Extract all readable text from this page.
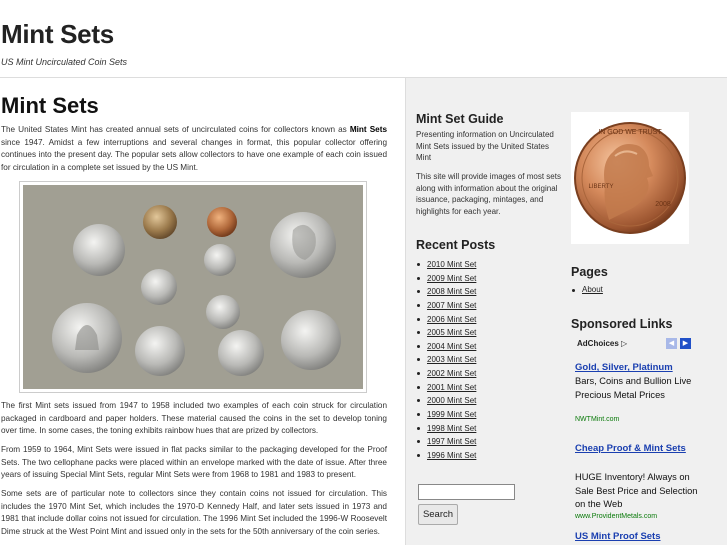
Mint Sets
US Mint Uncirculated Coin Sets
Mint Sets
The United States Mint has created annual sets of uncirculated coins for collectors known as Mint Sets since 1947. Amidst a few interruptions and several changes in format, this popular collector offering continues into the present day. The popular sets allow collectors to have one example of each coin issued for circulation in a complete set issued by the US Mint.
The first Mint sets issued from 1947 to 1958 included two examples of each coin struck for circulation packaged in cardboard and paper holders. These material caused the coins in the set to develop toning over time. In some cases, the toning exhibits rainbow hues that are prized by collectors.
From 1959 to 1964, Mint Sets were issued in flat packs similar to the packaging developed for the Proof Sets. The two cellophane packs were placed within an envelope marked with the date of issue. After three years of issuing Special Mint Sets, regular Mint Sets were from 1968 to 1981 and 1983 to present.
Some sets are of particular note to collectors since they contain coins not issued for circulation. This includes the 1970 Mint Set, which includes the 1970-D Kennedy Half, and later sets issued in 1973 and 1981 that include dollar coins not issued for circulation. The 1996 Mint Set included the 1996-W Roosevelt Dime struck at the West Point Mint and issued only in the sets for the 50th anniversary of the coin series.
Mint Set Guide
Presenting information on Uncirculated Mint Sets issued by the United States Mint
This site will provide images of most sets along with information about the original issuance, packaging, mintages, and highlights for each year.
Recent Posts
2010 Mint Set
2009 Mint Set
2008 Mint Set
2007 Mint Set
2006 Mint Set
2005 Mint Set
2004 Mint Set
2003 Mint Set
2002 Mint Set
2001 Mint Set
2000 Mint Set
1999 Mint Set
1998 Mint Set
1997 Mint Set
1996 Mint Set
Search
IN GOD WE TRUST
LIBERTY
2008
Pages
About
Sponsored Links
AdChoices ▷	◀	▶
Gold, Silver, Platinum
Bars, Coins and Bullion Live Precious Metal Prices
NWTMint.com
Cheap Proof & Mint Sets
HUGE Inventory! Always on Sale Best Price and Selection on the Web
www.ProvidentMetals.com
US Mint Proof Sets
